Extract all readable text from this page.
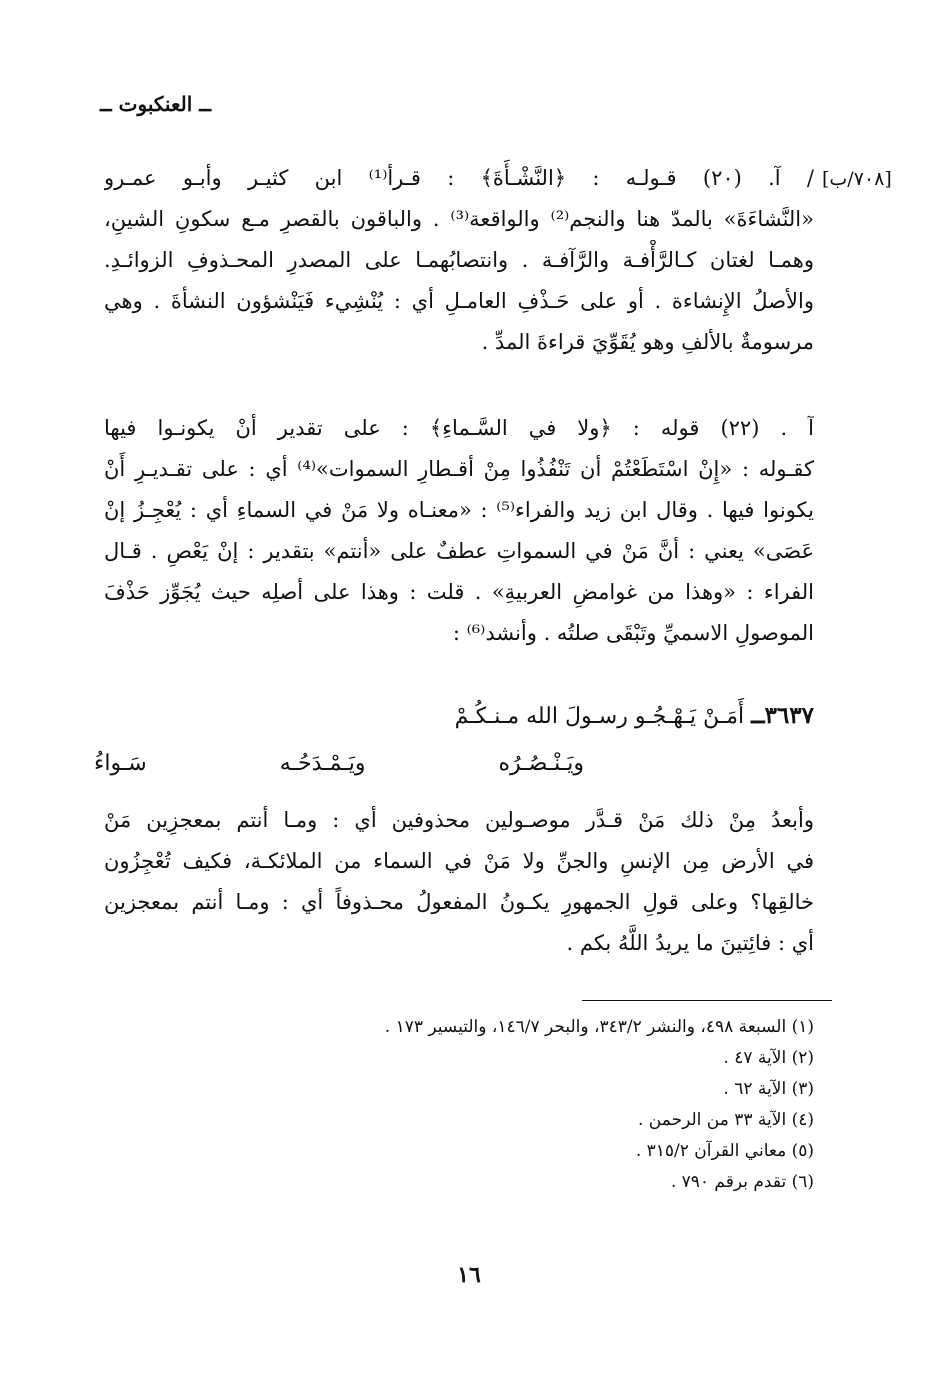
ــ العنكبوت ــ
[٧٠٨/ب]
/ آ. (٢٠) قـولـه : ﴿النَّشْـأَةَ﴾ : قـرأ⁽¹⁾ ابن كثيـر وأبـو عمـرو
«النَّشاءَةَ» بالمدّ هنا والنجم⁽²⁾ والواقعة⁽³⁾ . والباقون بالقصرِ مـع سكونِ الشينِ،
وهمـا لغتان كـالرَّأْفـة والرَّآفـة . وانتصابُهمـا على المصدرِ المحـذوفِ الزوائـدِ.
والأصلُ الإِنشاءة . أو على حَـذْفِ العامـلِ أي : يُنْشِيء فَيَنْشؤون النشأةَ . وهي
مرسومةٌ بالألفِ وهو يُقَوِّيَ قراءةَ المدِّ .
آ . (٢٢) قوله : ﴿ولا في السَّـماءِ﴾ : على تقدير أنْ يكونـوا فيها
كقـوله : «إِنْ اسْتَطَعْتُمْ أن تَنْفُذُوا مِنْ أقـطارِ السموات»⁽⁴⁾ أي : على تقـديـرِ أَنْ
يكونوا فيها . وقال ابن زيد والفراء⁽⁵⁾ : «معنـاه ولا مَنْ في السماءِ أي : يُعْجِـزُ إنْ
عَصَى» يعني : أنَّ مَنْ في السمواتِ عطفٌ على «أنتم» بتقدير : إنْ يَعْصِ . قـال
الفراء : «وهذا من غوامضِ العربيةِ» . قلت : وهذا على أصلِه حيث يُجَوِّز حَذْفَ
الموصولِ الاسميِّ وتَبْقَى صلتُه . وأنشد⁽⁶⁾ :
٣٦٣٧ــ أَمَـنْ يَـهْـجُـو رسـولَ الله مـنـكُـمْ
ويَـنْـصُـرُه
ويَـمْـدَحُـه
سَـواءُ
وأبعدُ مِنْ ذلك مَنْ قـدَّر موصـولين محذوفين أي : ومـا أنتم بمعجزِين مَنْ
في الأرض مِن الإنسِ والجنِّ ولا مَنْ في السماء من الملائكـة، فكيف تُعْجِزُون
خالقِها؟ وعلى قولِ الجمهورِ يكـونُ المفعولُ محـذوفاً أي : ومـا أنتم بمعجزين
أي : فائِتينَ ما يريدُ اللَّهُ بكم .
(١) السبعة ٤٩٨، والنشر ٣٤٣/٢، والبحر ١٤٦/٧، والتيسير ١٧٣ .
(٢) الآية ٤٧ .
(٣) الآية ٦٢ .
(٤) الآية ٣٣ من الرحمن .
(٥) معاني القرآن ٣١٥/٢ .
(٦) تقدم برقم ٧٩٠ .
١٦
